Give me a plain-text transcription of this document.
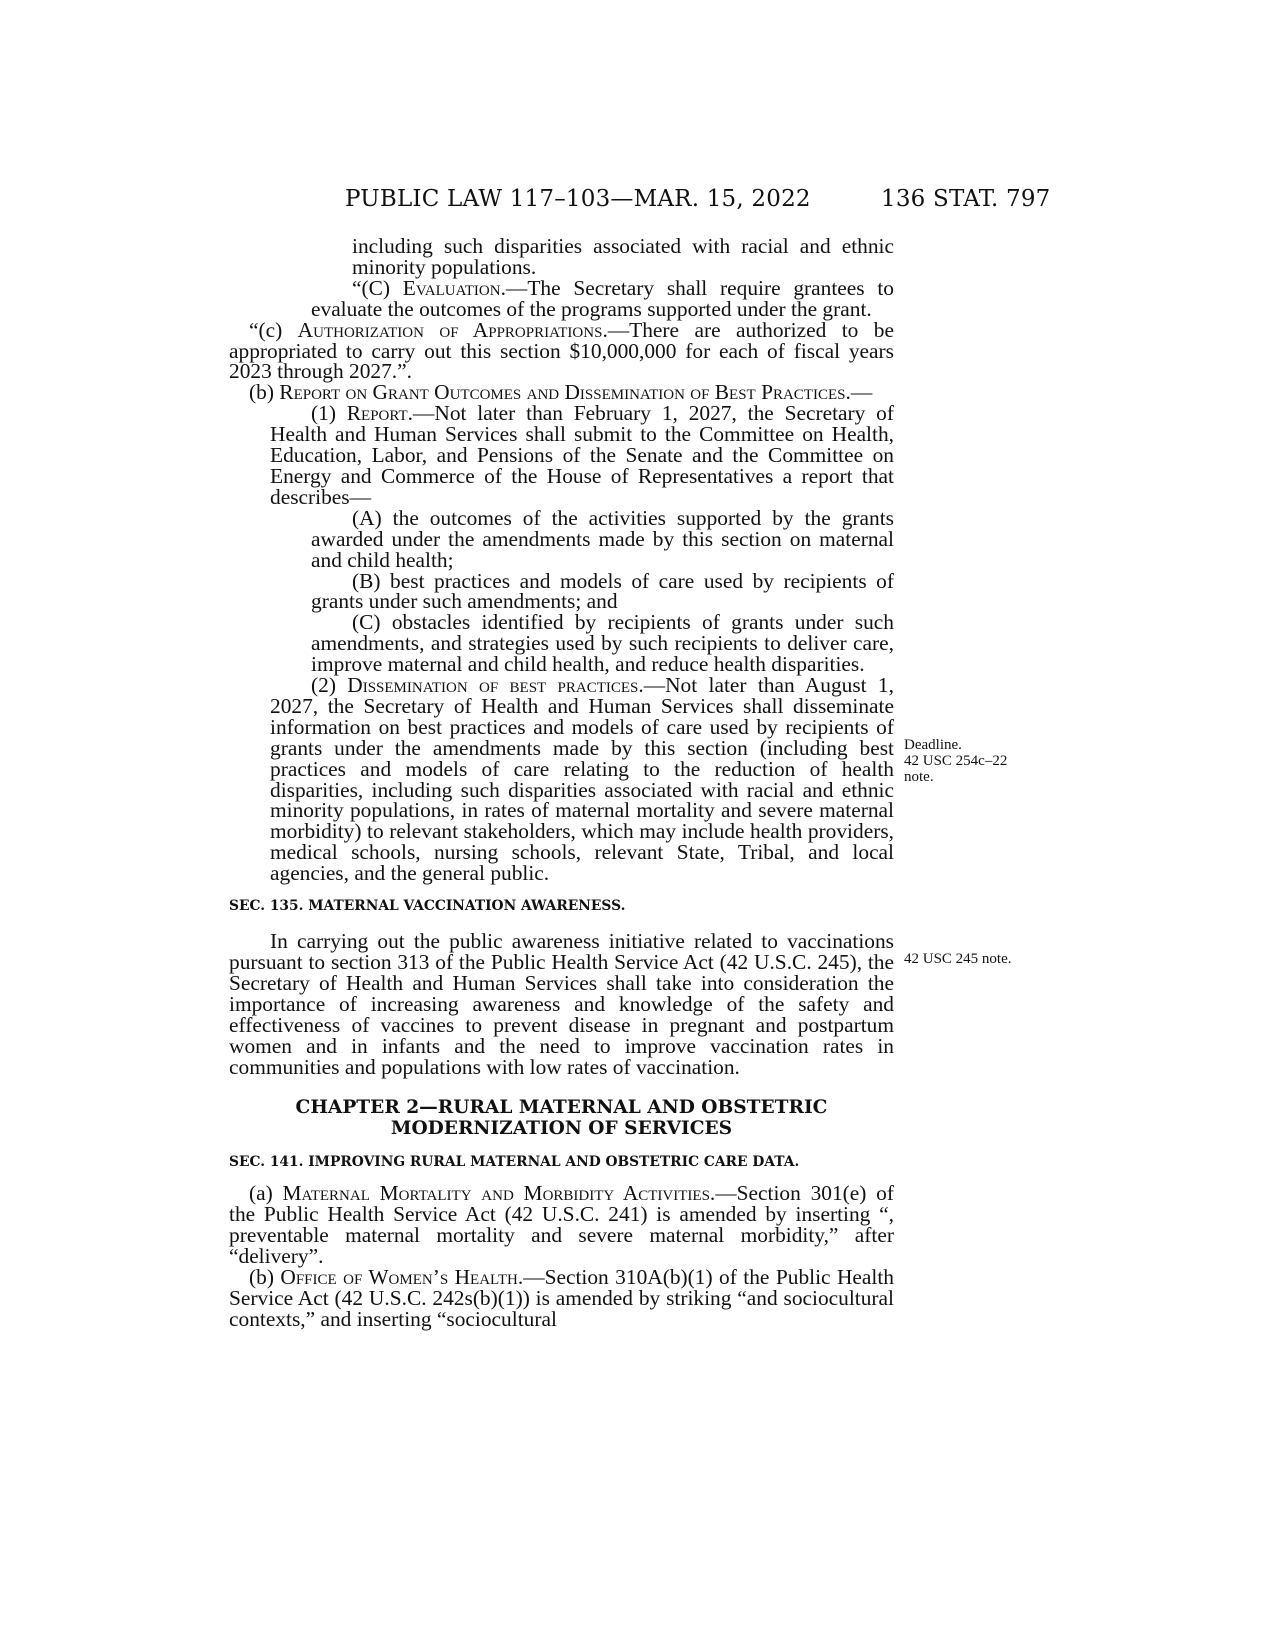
PUBLIC LAW 117–103—MAR. 15, 2022	136 STAT. 797
Deadline.
42 USC 254c–22
note.
42 USC 245 note.

including such disparities associated with racial and ethnic minority populations.

“(C) Evaluation.—The Secretary shall require grantees to evaluate the outcomes of the programs supported under the grant.

“(c) Authorization of Appropriations.—There are authorized to be appropriated to carry out this section $10,000,000 for each of fiscal years 2023 through 2027.”.

(b) Report on Grant Outcomes and Dissemination of Best Practices.—

(1) Report.—Not later than February 1, 2027, the Secretary of Health and Human Services shall submit to the Committee on Health, Education, Labor, and Pensions of the Senate and the Committee on Energy and Commerce of the House of Representatives a report that describes—

(A) the outcomes of the activities supported by the grants awarded under the amendments made by this section on maternal and child health;

(B) best practices and models of care used by recipients of grants under such amendments; and

(C) obstacles identified by recipients of grants under such amendments, and strategies used by such recipients to deliver care, improve maternal and child health, and reduce health disparities.

(2) Dissemination of best practices.—Not later than August 1, 2027, the Secretary of Health and Human Services shall disseminate information on best practices and models of care used by recipients of grants under the amendments made by this section (including best practices and models of care relating to the reduction of health disparities, including such disparities associated with racial and ethnic minority populations, in rates of maternal mortality and severe maternal morbidity) to relevant stakeholders, which may include health providers, medical schools, nursing schools, relevant State, Tribal, and local agencies, and the general public.

SEC. 135. MATERNAL VACCINATION AWARENESS.

In carrying out the public awareness initiative related to vaccinations pursuant to section 313 of the Public Health Service Act (42 U.S.C. 245), the Secretary of Health and Human Services shall take into consideration the importance of increasing awareness and knowledge of the safety and effectiveness of vaccines to prevent disease in pregnant and postpartum women and in infants and the need to improve vaccination rates in communities and populations with low rates of vaccination.

CHAPTER 2—RURAL MATERNAL AND OBSTETRIC
MODERNIZATION OF SERVICES

SEC. 141. IMPROVING RURAL MATERNAL AND OBSTETRIC CARE DATA.

(a) Maternal Mortality and Morbidity Activities.—Section 301(e) of the Public Health Service Act (42 U.S.C. 241) is amended by inserting “, preventable maternal mortality and severe maternal morbidity,” after “delivery”.

(b) Office of Women’s Health.—Section 310A(b)(1) of the Public Health Service Act (42 U.S.C. 242s(b)(1)) is amended by striking “and sociocultural contexts,” and inserting “sociocultural
